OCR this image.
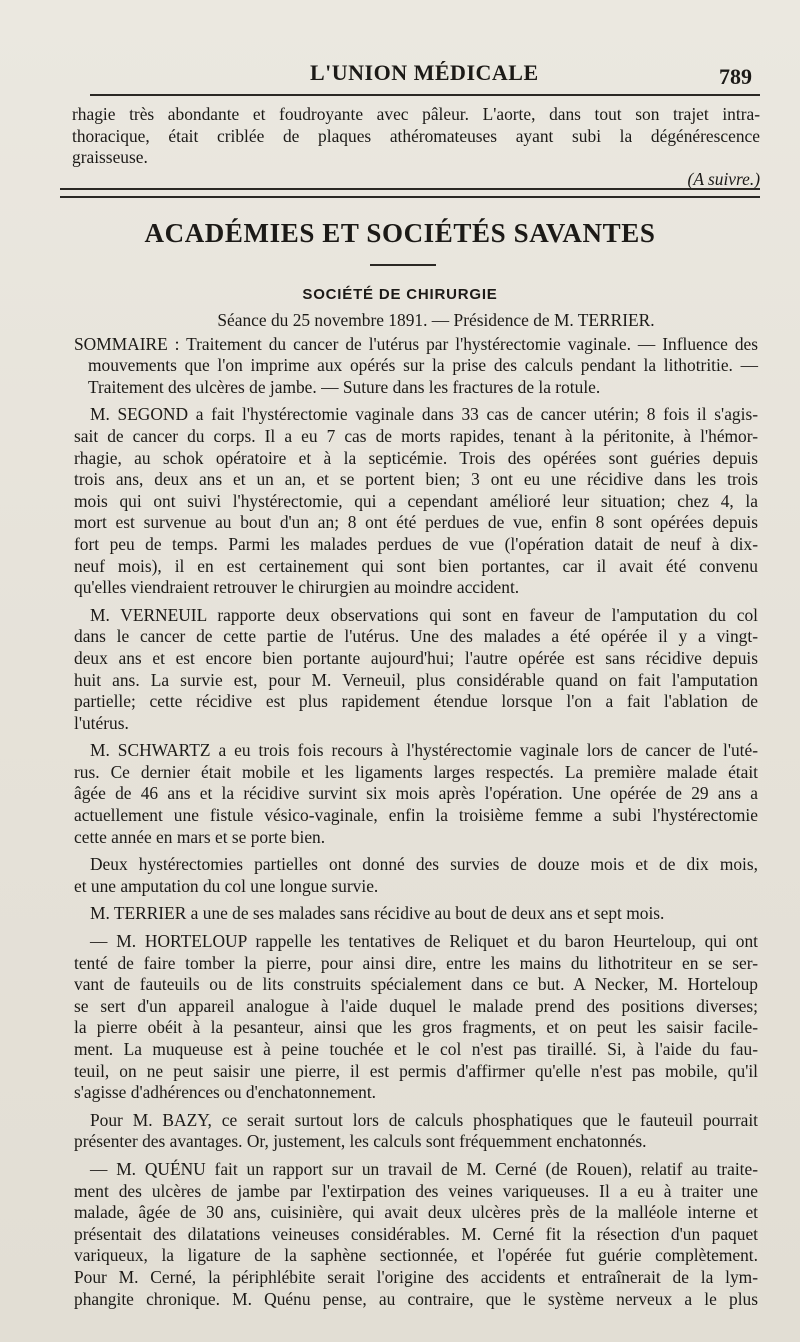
L'UNION MÉDICALE	789
rhagie très abondante et foudroyante avec pâleur. L'aorte, dans tout son trajet intra-
thoracique, était criblée de plaques athéromateuses ayant subi la dégénérescence
graisseuse.
(A suivre.)
ACADÉMIES ET SOCIÉTÉS SAVANTES
SOCIÉTÉ DE CHIRURGIE
Séance du 25 novembre 1891. — Présidence de M. TERRIER.
SOMMAIRE : Traitement du cancer de l'utérus par l'hystérectomie vaginale. — Influence des
mouvements que l'on imprime aux opérés sur la prise des calculs pendant la lithotritie. —
Traitement des ulcères de jambe. — Suture dans les fractures de la rotule.
M. SEGOND a fait l'hystérectomie vaginale dans 33 cas de cancer utérin; 8 fois il s'agis-
sait de cancer du corps. Il a eu 7 cas de morts rapides, tenant à la péritonite, à l'hémor-
rhagie, au schok opératoire et à la septicémie. Trois des opérées sont guéries depuis
trois ans, deux ans et un an, et se portent bien; 3 ont eu une récidive dans les trois
mois qui ont suivi l'hystérectomie, qui a cependant amélioré leur situation; chez 4, la
mort est survenue au bout d'un an; 8 ont été perdues de vue, enfin 8 sont opérées depuis
fort peu de temps. Parmi les malades perdues de vue (l'opération datait de neuf à dix-
neuf mois), il en est certainement qui sont bien portantes, car il avait été convenu
qu'elles viendraient retrouver le chirurgien au moindre accident.
M. VERNEUIL rapporte deux observations qui sont en faveur de l'amputation du col
dans le cancer de cette partie de l'utérus. Une des malades a été opérée il y a vingt-
deux ans et est encore bien portante aujourd'hui; l'autre opérée est sans récidive depuis
huit ans. La survie est, pour M. Verneuil, plus considérable quand on fait l'amputation
partielle; cette récidive est plus rapidement étendue lorsque l'on a fait l'ablation de
l'utérus.
M. SCHWARTZ a eu trois fois recours à l'hystérectomie vaginale lors de cancer de l'uté-
rus. Ce dernier était mobile et les ligaments larges respectés. La première malade était
âgée de 46 ans et la récidive survint six mois après l'opération. Une opérée de 29 ans a
actuellement une fistule vésico-vaginale, enfin la troisième femme a subi l'hystérectomie
cette année en mars et se porte bien.
Deux hystérectomies partielles ont donné des survies de douze mois et de dix mois,
et une amputation du col une longue survie.
M. TERRIER a une de ses malades sans récidive au bout de deux ans et sept mois.
— M. HORTELOUP rappelle les tentatives de Reliquet et du baron Heurteloup, qui ont
tenté de faire tomber la pierre, pour ainsi dire, entre les mains du lithotriteur en se ser-
vant de fauteuils ou de lits construits spécialement dans ce but. A Necker, M. Horteloup
se sert d'un appareil analogue à l'aide duquel le malade prend des positions diverses;
la pierre obéit à la pesanteur, ainsi que les gros fragments, et on peut les saisir facile-
ment. La muqueuse est à peine touchée et le col n'est pas tiraillé. Si, à l'aide du fau-
teuil, on ne peut saisir une pierre, il est permis d'affirmer qu'elle n'est pas mobile, qu'il
s'agisse d'adhérences ou d'enchatonnement.
Pour M. BAZY, ce serait surtout lors de calculs phosphatiques que le fauteuil pourrait
présenter des avantages. Or, justement, les calculs sont fréquemment enchatonnés.
— M. QUÉNU fait un rapport sur un travail de M. Cerné (de Rouen), relatif au traite-
ment des ulcères de jambe par l'extirpation des veines variqueuses. Il a eu à traiter une
malade, âgée de 30 ans, cuisinière, qui avait deux ulcères près de la malléole interne et
présentait des dilatations veineuses considérables. M. Cerné fit la résection d'un paquet
variqueux, la ligature de la saphène sectionnée, et l'opérée fut guérie complètement.
Pour M. Cerné, la périphlébite serait l'origine des accidents et entraînerait de la lym-
phangite chronique. M. Quénu pense, au contraire, que le système nerveux a le plus
